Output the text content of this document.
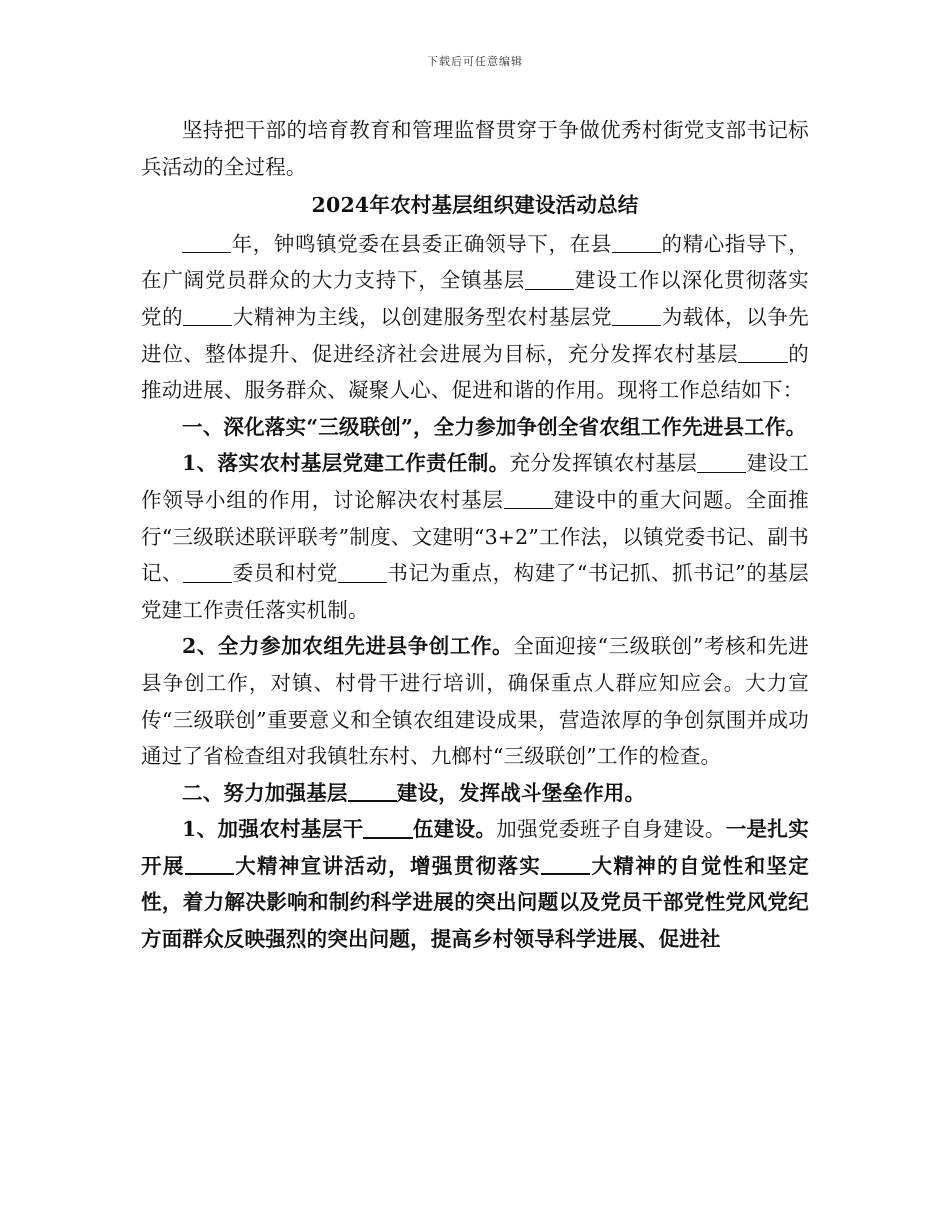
下载后可任意编辑

坚持把干部的培育教育和管理监督贯穿于争做优秀村街党支部书记标兵活动的全过程。

2024年农村基层组织建设活动总结

年，钟鸣镇党委在县委正确领导下，在县 的精心指导下，在广阔党员群众的大力支持下，全镇基层 建设工作以深化贯彻落实党的 大精神为主线，以创建服务型农村基层党 为载体，以争先进位、整体提升、促进经济社会进展为目标，充分发挥农村基层 的推动进展、服务群众、凝聚人心、促进和谐的作用。现将工作总结如下：

一、深化落实“三级联创”，全力参加争创全省农组工作先进县工作。

1、落实农村基层党建工作责任制。充分发挥镇农村基层 建设工作领导小组的作用，讨论解决农村基层 建设中的重大问题。全面推行“三级联述联评联考”制度、文建明“3+2”工作法，以镇党委书记、副书记、 委员和村党 书记为重点，构建了“书记抓、抓书记”的基层党建工作责任落实机制。

2、全力参加农组先进县争创工作。全面迎接“三级联创”考核和先进县争创工作，对镇、村骨干进行培训，确保重点人群应知应会。大力宣传“三级联创”重要意义和全镇农组建设成果，营造浓厚的争创氛围并成功通过了省检查组对我镇牡东村、九榔村“三级联创”工作的检查。

二、努力加强基层 建设，发挥战斗堡垒作用。

1、加强农村基层干 伍建设。加强党委班子自身建设。一是扎实开展 大精神宣讲活动，增强贯彻落实 大精神的自觉性和坚定性，着力解决影响和制约科学进展的突出问题以及党员干部党性党风党纪方面群众反映强烈的突出问题，提高乡村领导科学进展、促进社
